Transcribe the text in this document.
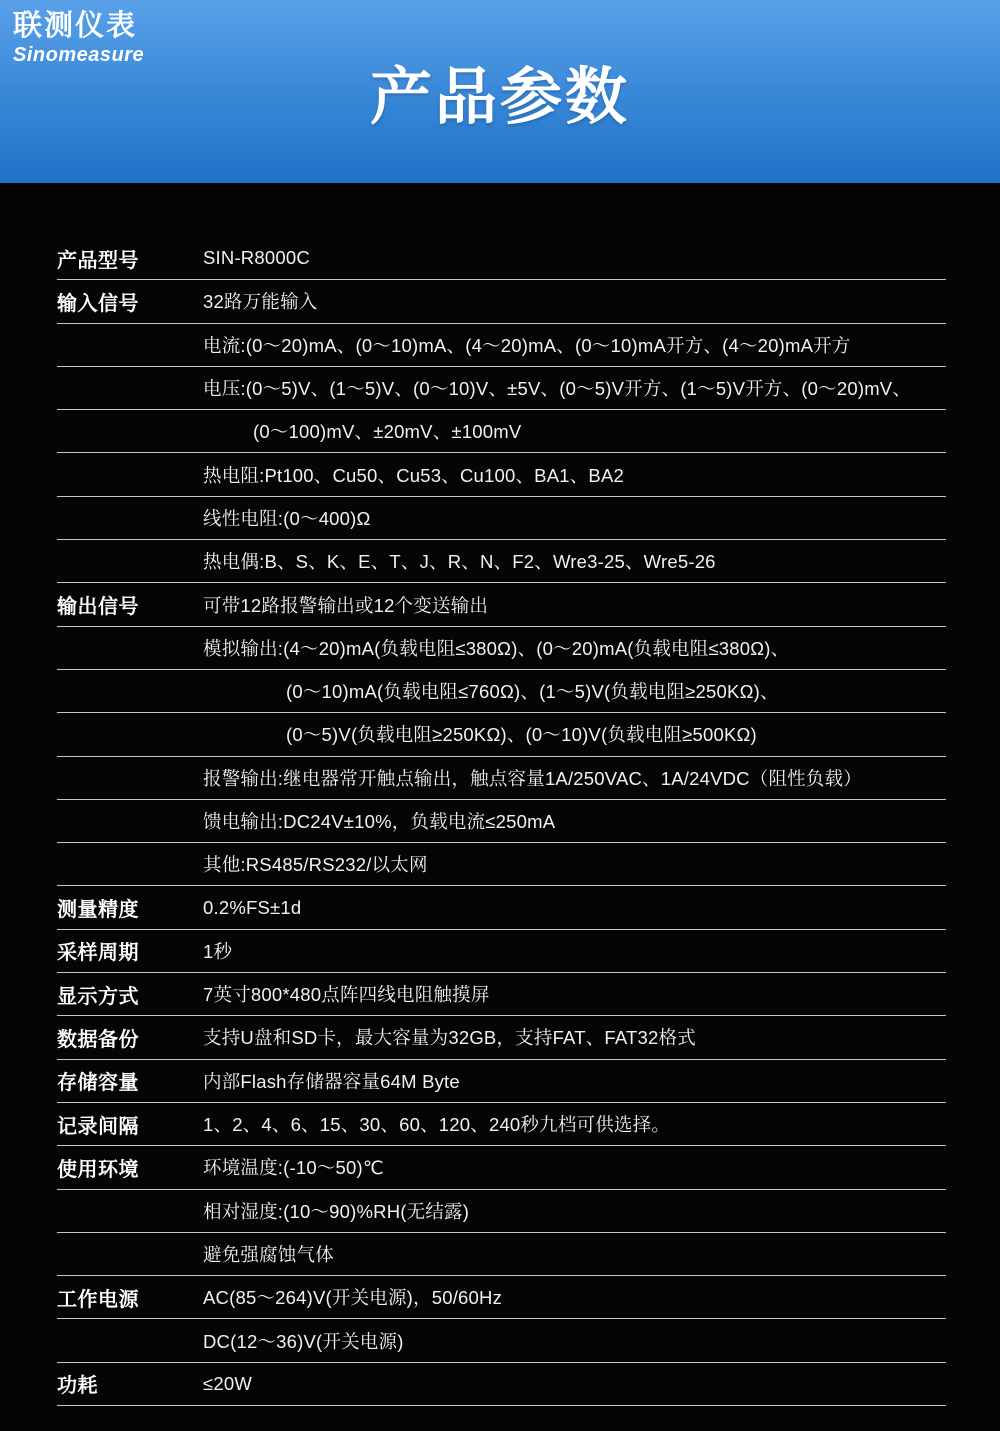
联测仪表
Sinomeasure
产品参数
产品型号	SIN-R8000C
输入信号	32路万能输入
电流:(0～20)mA、(0～10)mA、(4～20)mA、(0～10)mA开方、(4～20)mA开方
电压:(0～5)V、(1～5)V、(0～10)V、±5V、(0～5)V开方、(1～5)V开方、(0～20)mV、
(0～100)mV、±20mV、±100mV
热电阻:Pt100、Cu50、Cu53、Cu100、BA1、BA2
线性电阻:(0～400)Ω
热电偶:B、S、K、E、T、J、R、N、F2、Wre3-25、Wre5-26
输出信号	可带12路报警输出或12个变送输出
模拟输出:(4～20)mA(负载电阻≤380Ω)、(0～20)mA(负载电阻≤380Ω)、
(0～10)mA(负载电阻≤760Ω)、(1～5)V(负载电阻≥250KΩ)、
(0～5)V(负载电阻≥250KΩ)、(0～10)V(负载电阻≥500KΩ)
报警输出:继电器常开触点输出，触点容量1A/250VAC、1A/24VDC（阻性负载）
馈电输出:DC24V±10%，负载电流≤250mA
其他:RS485/RS232/以太网
测量精度	0.2%FS±1d
采样周期	1秒
显示方式	7英寸800*480点阵四线电阻触摸屏
数据备份	支持U盘和SD卡，最大容量为32GB，支持FAT、FAT32格式
存储容量	内部Flash存储器容量64M Byte
记录间隔	1、2、4、6、15、30、60、120、240秒九档可供选择。
使用环境	环境温度:(-10～50)℃
相对湿度:(10～90)%RH(无结露)
避免强腐蚀气体
工作电源	AC(85～264)V(开关电源)，50/60Hz
DC(12～36)V(开关电源)
功耗	≤20W
